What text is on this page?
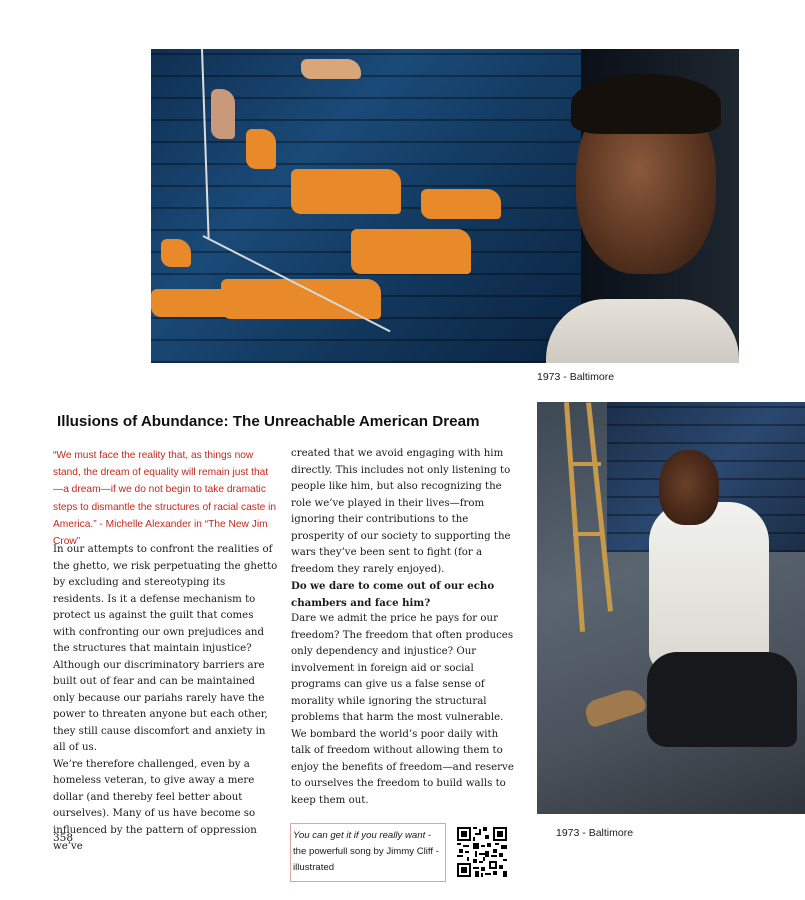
1973 - Baltimore
Illusions of Abundance: The Unreachable American Dream
“We must face the reality that, as things now stand, the dream of equality will remain just that—a dream—if we do not begin to take dramatic steps to dismantle the structures of racial caste in America.” - Michelle Alexander in “The New Jim Crow”

In our attempts to confront the realities of the ghetto, we risk perpetuating the ghetto by excluding and stereotyping its residents. Is it a defense mechanism to protect us against the guilt that comes with confronting our own prejudices and the structures that maintain injustice? Although our discriminatory barriers are built out of fear and can be maintained only because our pariahs rarely have the power to threaten anyone but each other, they still cause discomfort and anxiety in all of us.

We’re therefore challenged, even by a homeless veteran, to give away a mere dollar (and thereby feel better about ourselves). Many of us have become so influenced by the pattern of oppression we’ve

created that we avoid engaging with him directly. This includes not only listening to people like him, but also recognizing the role we’ve played in their lives—from ignoring their contributions to the prosperity of our society to supporting the wars they’ve been sent to fight (for a freedom they rarely enjoyed).

Do we dare to come out of our echo chambers and face him?

Dare we admit the price he pays for our freedom? The freedom that often produces only dependency and injustice? Our involvement in foreign aid or social programs can give us a false sense of morality while ignoring the structural problems that harm the most vulnerable. We bombard the world’s poor daily with talk of freedom without allowing them to enjoy the benefits of freedom—and reserve to ourselves the freedom to build walls to keep them out.

1973 - Baltimore
358	You can get it if you really want -
the powerfull song by Jimmy Cliff - illustrated
